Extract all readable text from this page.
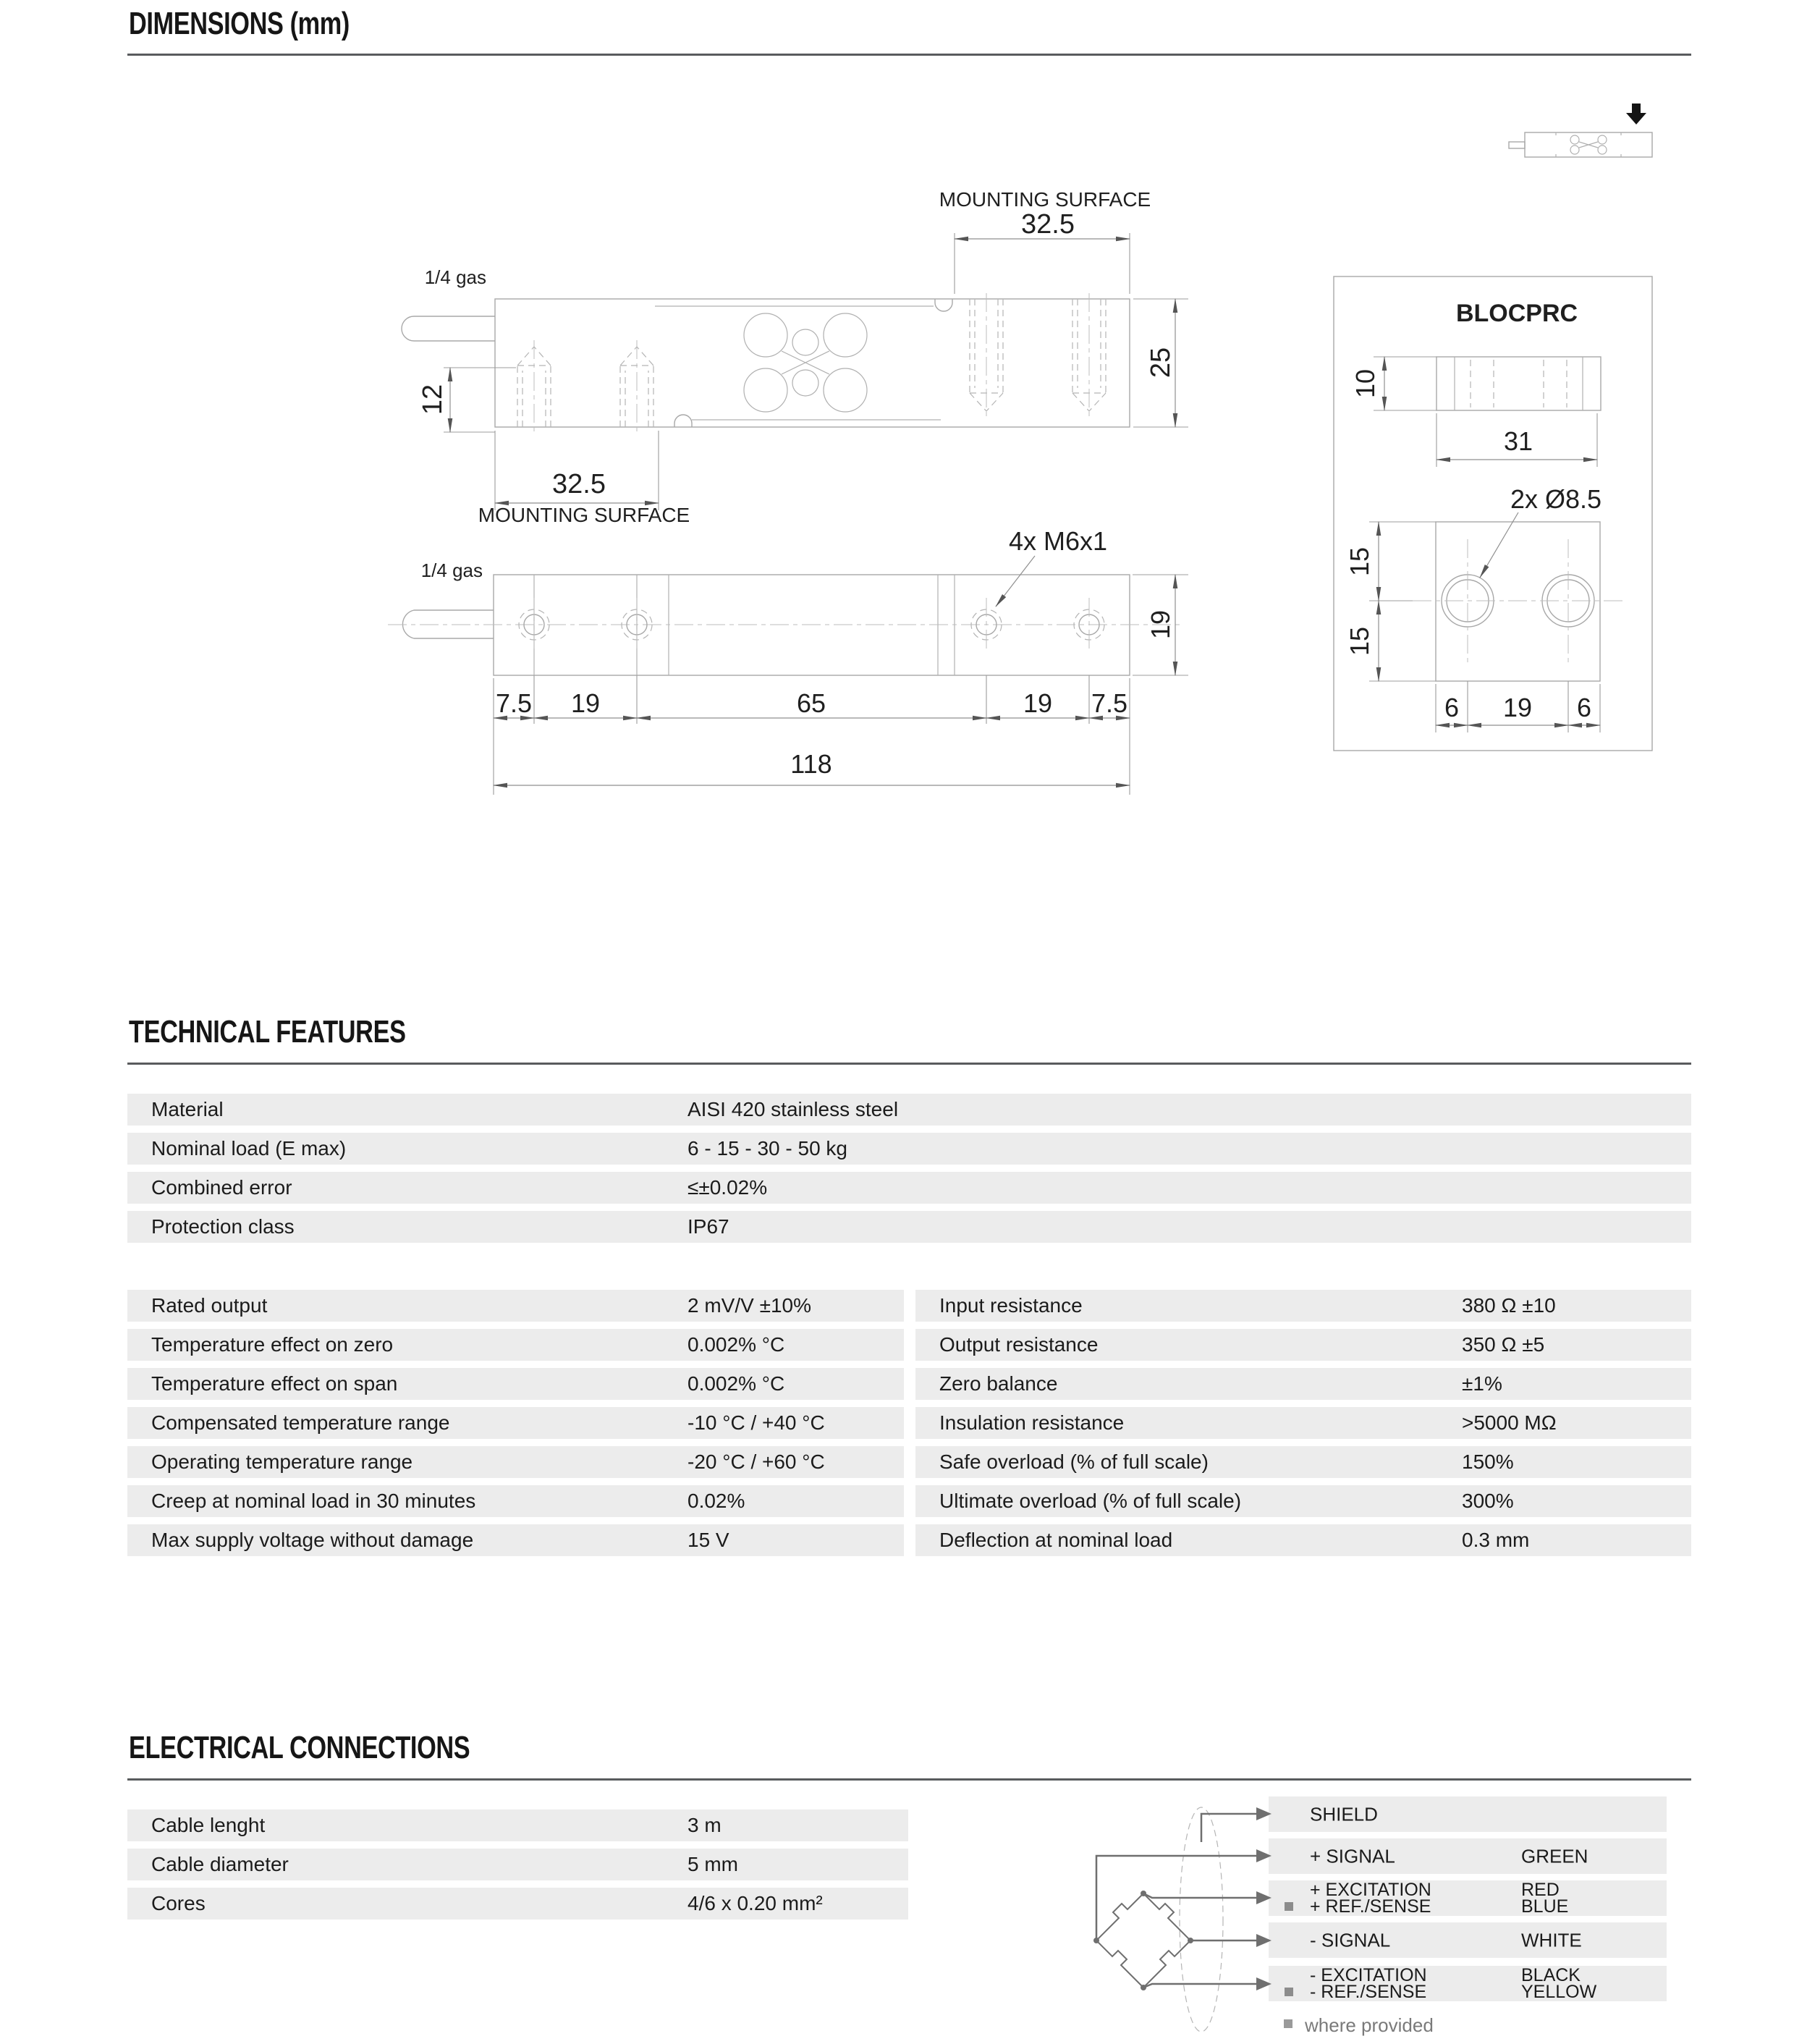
DIMENSIONS (mm)
MOUNTING SURFACE
32.5
25
1/4 gas
12
32.5
MOUNTING SURFACE
1/4 gas
4x M6x1
7.5 19	65	19 7.5
118
19
BLOCPRC
10
31
2x Ø8.5
15
15
6 19 6
TECHNICAL FEATURES
Material	AISI 420 stainless steel
Nominal load (E max)	6 - 15 - 30 - 50 kg
Combined error	≤±0.02%
Protection class	IP67
Rated output	2 mV/V ±10%
Temperature effect on zero	0.002% °C
Temperature effect on span	0.002% °C
Compensated temperature range	-10 °C / +40 °C
Operating temperature range	-20 °C / +60 °C
Creep at nominal load in 30 minutes	0.02%
Max supply voltage without damage	15 V
Input resistance	380 Ω ±10
Output resistance	350 Ω ±5
Zero balance	±1%
Insulation resistance	>5000 MΩ
Safe overload (% of full scale)	150%
Ultimate overload (% of full scale)	300%
Deflection at nominal load	0.3 mm
ELECTRICAL CONNECTIONS
Cable lenght	3 m
Cable diameter	5 mm
Cores	4/6 x 0.20 mm²
SHIELD
+ SIGNAL	GREEN
+ EXCITATION	RED
+ REF./SENSE	BLUE
- SIGNAL	WHITE
- EXCITATION	BLACK
- REF./SENSE	YELLOW
where provided
